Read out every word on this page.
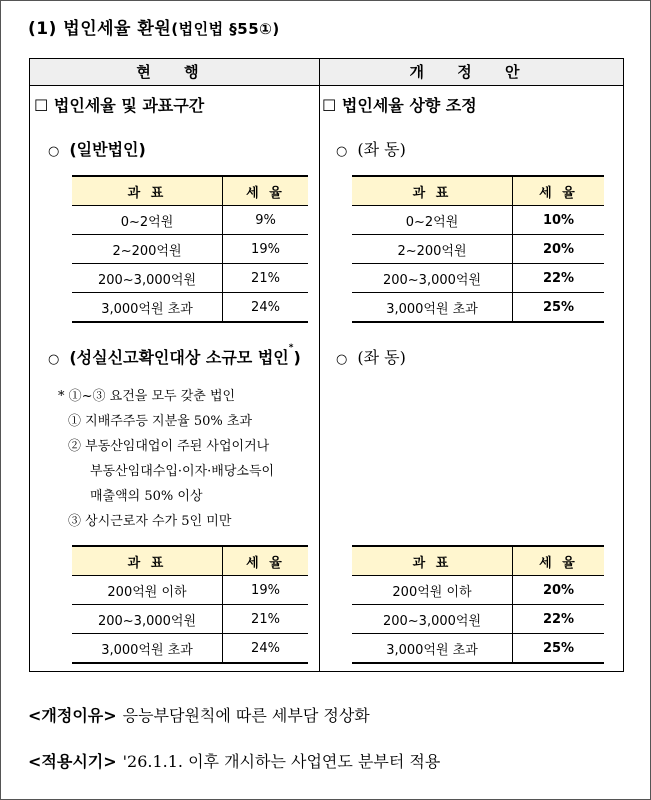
(1) 법인세율 환원(법인법 §55①)
현 행	개 정 안
☐ 법인세율 및 과표구간
○ (일반법인)
과 표	세 율
0~2억원	9%
2~200억원	19%
200~3,000억원	21%
3,000억원 초과	24%
○ (성실신고확인대상 소규모 법인*)
* ①~③ 요건을 모두 갖춘 법인
① 지배주주등 지분율 50% 초과
② 부동산임대업이 주된 사업이거나
부동산임대수입·이자·배당소득이
매출액의 50% 이상
③ 상시근로자 수가 5인 미만
과 표	세 율
200억원 이하	19%
200~3,000억원	21%
3,000억원 초과	24%
☐ 법인세율 상향 조정
○ (좌 동)
과 표	세 율
0~2억원	10%
2~200억원	20%
200~3,000억원	22%
3,000억원 초과	25%
○ (좌 동)
과 표	세 율
200억원 이하	20%
200~3,000억원	22%
3,000억원 초과	25%
<개정이유> 응능부담원칙에 따른 세부담 정상화
<적용시기> '26.1.1. 이후 개시하는 사업연도 분부터 적용
